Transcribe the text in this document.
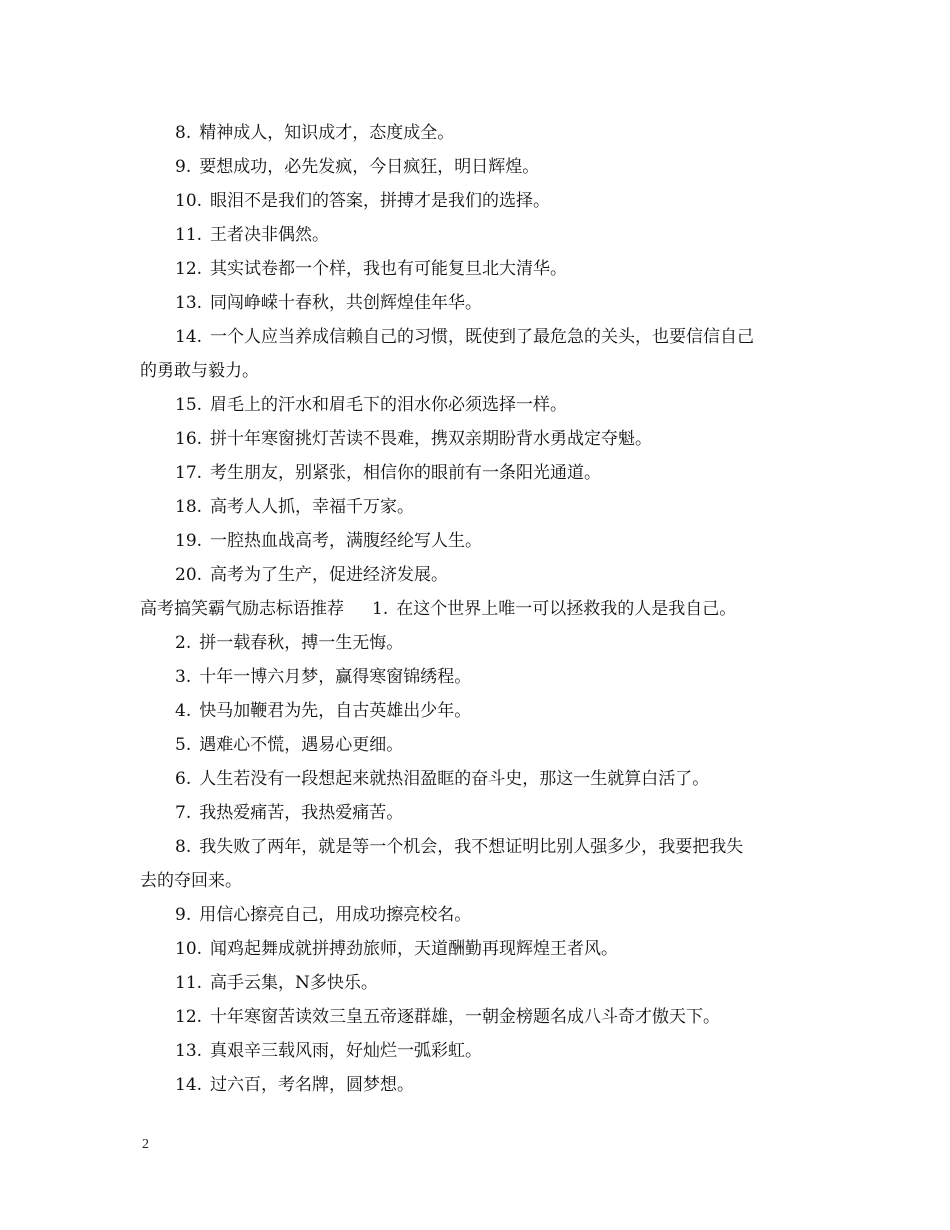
8. 精神成人，知识成才，态度成全。
9. 要想成功，必先发疯，今日疯狂，明日辉煌。
10. 眼泪不是我们的答案，拼搏才是我们的选择。
11. 王者决非偶然。
12. 其实试卷都一个样，我也有可能复旦北大清华。
13. 同闯峥嵘十春秋，共创辉煌佳年华。
14. 一个人应当养成信赖自己的习惯，既使到了最危急的关头，也要信信自己
的勇敢与毅力。
15. 眉毛上的汗水和眉毛下的泪水你必须选择一样。
16. 拼十年寒窗挑灯苦读不畏难，携双亲期盼背水勇战定夺魁。
17. 考生朋友，别紧张，相信你的眼前有一条阳光通道。
18. 高考人人抓，幸福千万家。
19. 一腔热血战高考，满腹经纶写人生。
20. 高考为了生产，促进经济发展。
高考搞笑霸气励志标语推荐 1. 在这个世界上唯一可以拯救我的人是我自己。
2. 拼一载春秋，搏一生无悔。
3. 十年一博六月梦，赢得寒窗锦绣程。
4. 快马加鞭君为先，自古英雄出少年。
5. 遇难心不慌，遇易心更细。
6. 人生若没有一段想起来就热泪盈眶的奋斗史，那这一生就算白活了。
7. 我热爱痛苦，我热爱痛苦。
8. 我失败了两年，就是等一个机会，我不想证明比别人强多少，我要把我失
去的夺回来。
9. 用信心擦亮自己，用成功擦亮校名。
10. 闻鸡起舞成就拼搏劲旅师，天道酬勤再现辉煌王者风。
11. 高手云集，N多快乐。
12. 十年寒窗苦读效三皇五帝逐群雄，一朝金榜题名成八斗奇才傲天下。
13. 真艰辛三载风雨，好灿烂一弧彩虹。
14. 过六百，考名牌，圆梦想。
2
